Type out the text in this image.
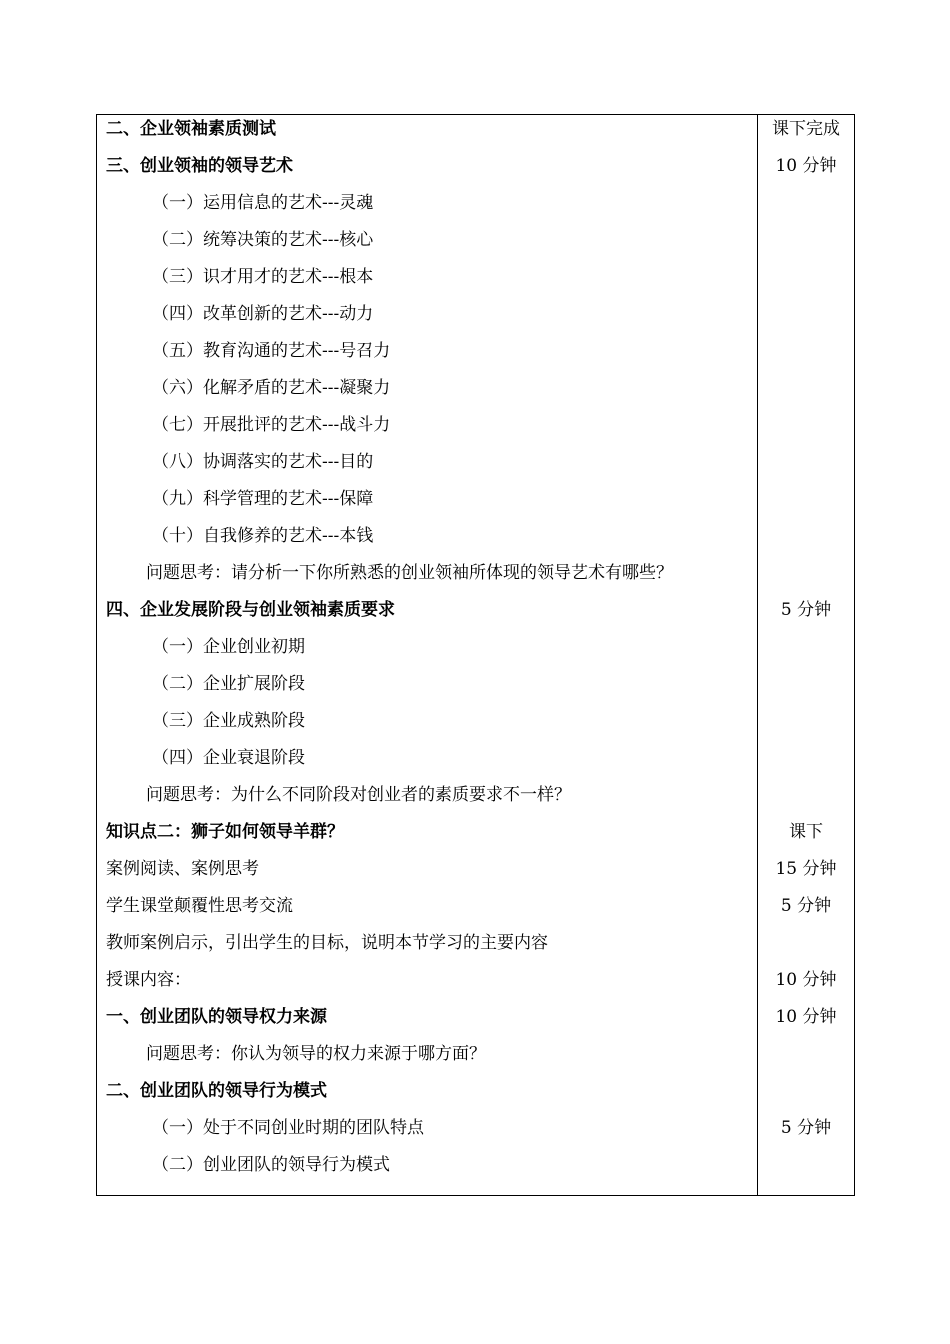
二、企业领袖素质测试	课下完成
三、创业领袖的领导艺术	10 分钟
（一）运用信息的艺术---灵魂
（二）统筹决策的艺术---核心
（三）识才用才的艺术---根本
（四）改革创新的艺术---动力
（五）教育沟通的艺术---号召力
（六）化解矛盾的艺术---凝聚力
（七）开展批评的艺术---战斗力
（八）协调落实的艺术---目的
（九）科学管理的艺术---保障
（十）自我修养的艺术---本钱
问题思考：请分析一下你所熟悉的创业领袖所体现的领导艺术有哪些？
四、企业发展阶段与创业领袖素质要求	5 分钟
（一）企业创业初期
（二）企业扩展阶段
（三）企业成熟阶段
（四）企业衰退阶段
问题思考：为什么不同阶段对创业者的素质要求不一样？
知识点二：狮子如何领导羊群？	课下
案例阅读、案例思考	15 分钟
学生课堂颠覆性思考交流	5 分钟
教师案例启示，引出学生的目标，说明本节学习的主要内容
授课内容：	10 分钟
一、创业团队的领导权力来源	10 分钟
问题思考：你认为领导的权力来源于哪方面？
二、创业团队的领导行为模式
（一）处于不同创业时期的团队特点	5 分钟
（二）创业团队的领导行为模式
